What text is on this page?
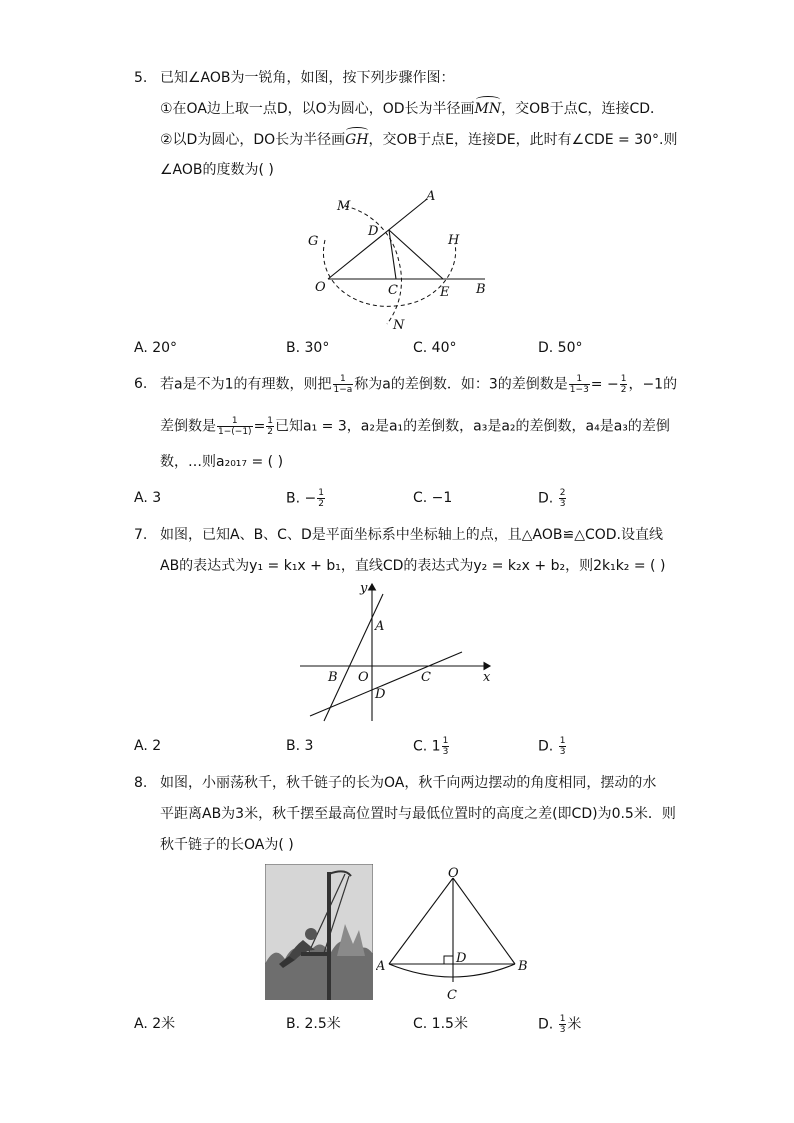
5. 已知∠AOB为一锐角，如图，按下列步骤作图：
①在OA边上取一点D，以O为圆心，OD长为半径画MN，交OB于点C，连接CD．
②以D为圆心，DO长为半径画GH，交OB于点E，连接DE，此时有∠CDE = 30°.则
∠AOB的度数为( )
M
A
D
G	H
O	C	E B
N
A. 20°	B. 30°	C. 40°	D. 50°
6. 若a是不为1的有理数，则把 $\frac{1}{1-a}$ 称为a的差倒数．如：3的差倒数是 $\frac{1}{1-3}$ = − $\frac{1}{2}$ ，−1的
差倒数是 $\frac{1}{1-(-1)} = \frac{1}{2}$ 已知a₁ = 3，a₂是a₁的差倒数，a₃是a₂的差倒数，a₄是a₃的差倒
数，…则a₂₀₁₇ = ( )
A. 3	B. − $\frac{1}{2}$	C. −1	D. $\frac{2}{3}$
7. 如图，已知A、B、C、D是平面坐标系中坐标轴上的点，且△AOB≌△COD.设直线
AB的表达式为y₁ = k₁x + b₁，直线CD的表达式为y₂ = k₂x + b₂，则2k₁k₂ = ( )
y
A
B O
D
C	x
A. 2	B. 3	C. $1 \frac{1}{3}$	D. $\frac{1}{3}$
8. 如图，小丽荡秋千，秋千链子的长为OA，秋千向两边摆动的角度相同，摆动的水
平距离AB为3米，秋千摆至最高位置时与最低位置时的高度之差(即CD)为0.5米．则
秋千链子的长OA为( )
O
D
A	B
C
A. 2米	B. 2.5米	C. 1.5米	D. $\frac{1}{3}$ 米
